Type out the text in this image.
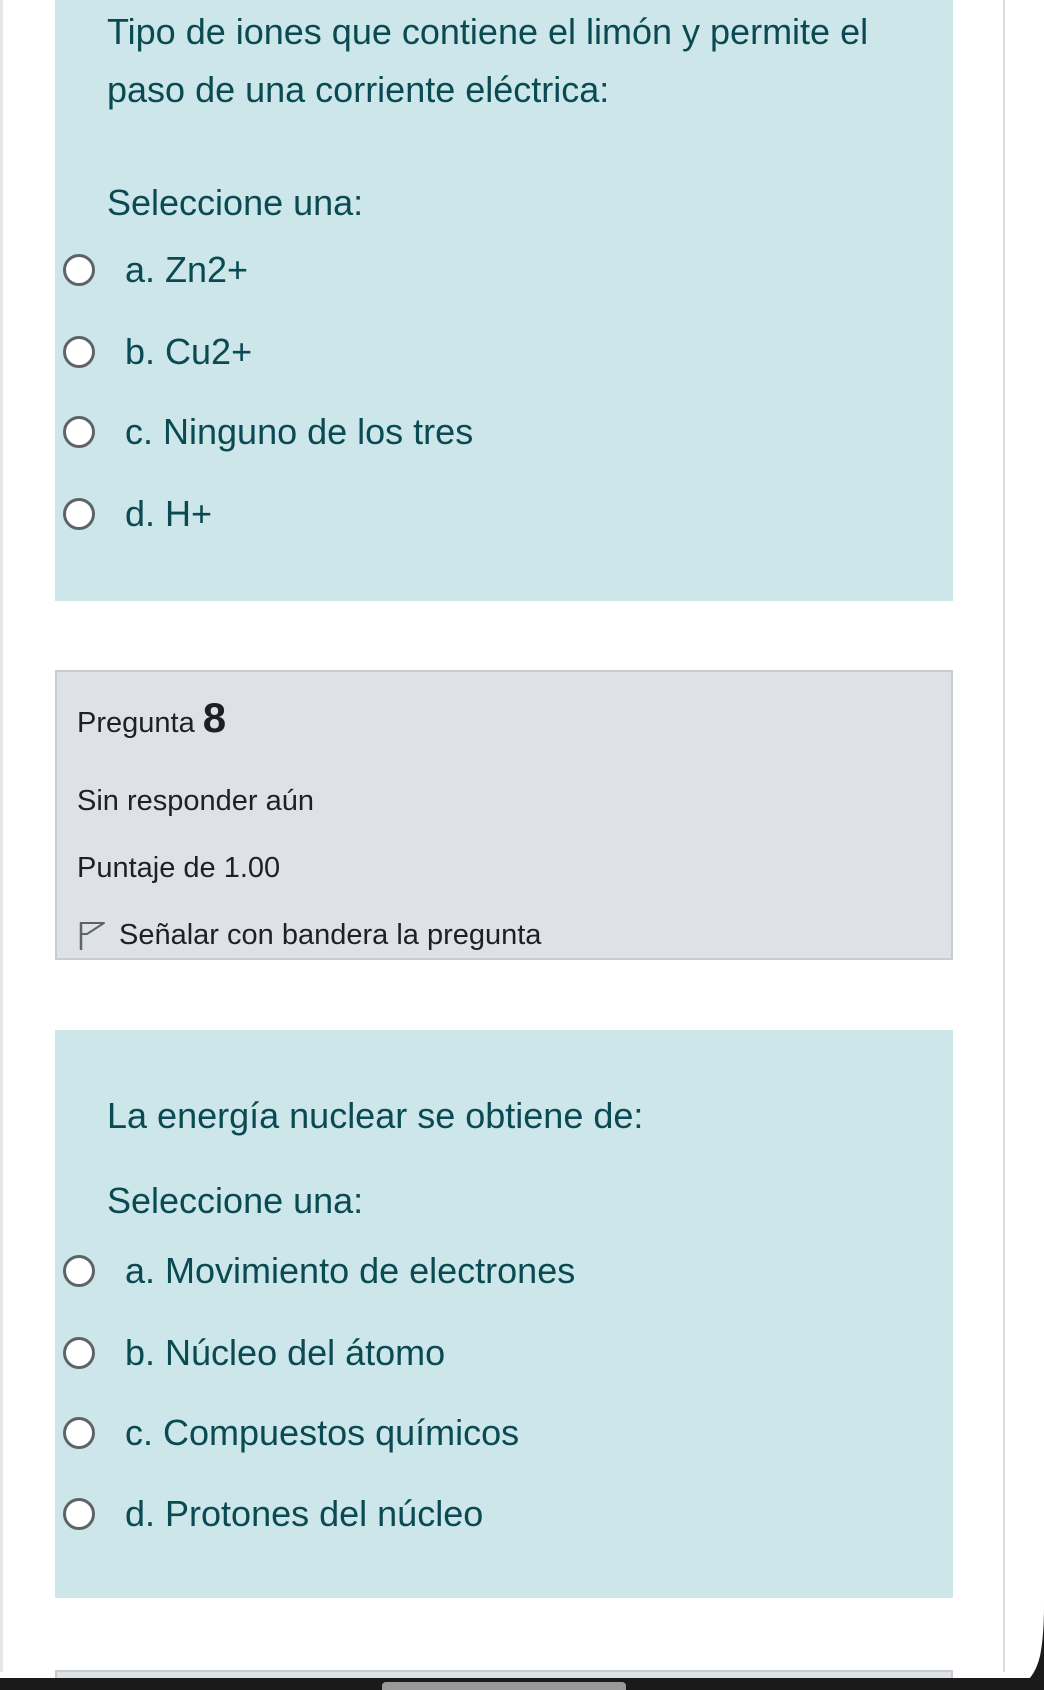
Tipo de iones que contiene el limón y permite el paso de una corriente eléctrica:
Seleccione una:
a. Zn2+
b. Cu2+
c. Ninguno de los tres
d. H+
Pregunta 8
Sin responder aún
Puntaje de 1.00
Señalar con bandera la pregunta
La energía nuclear se obtiene de:
Seleccione una:
a. Movimiento de electrones
b. Núcleo del átomo
c. Compuestos químicos
d. Protones del núcleo
